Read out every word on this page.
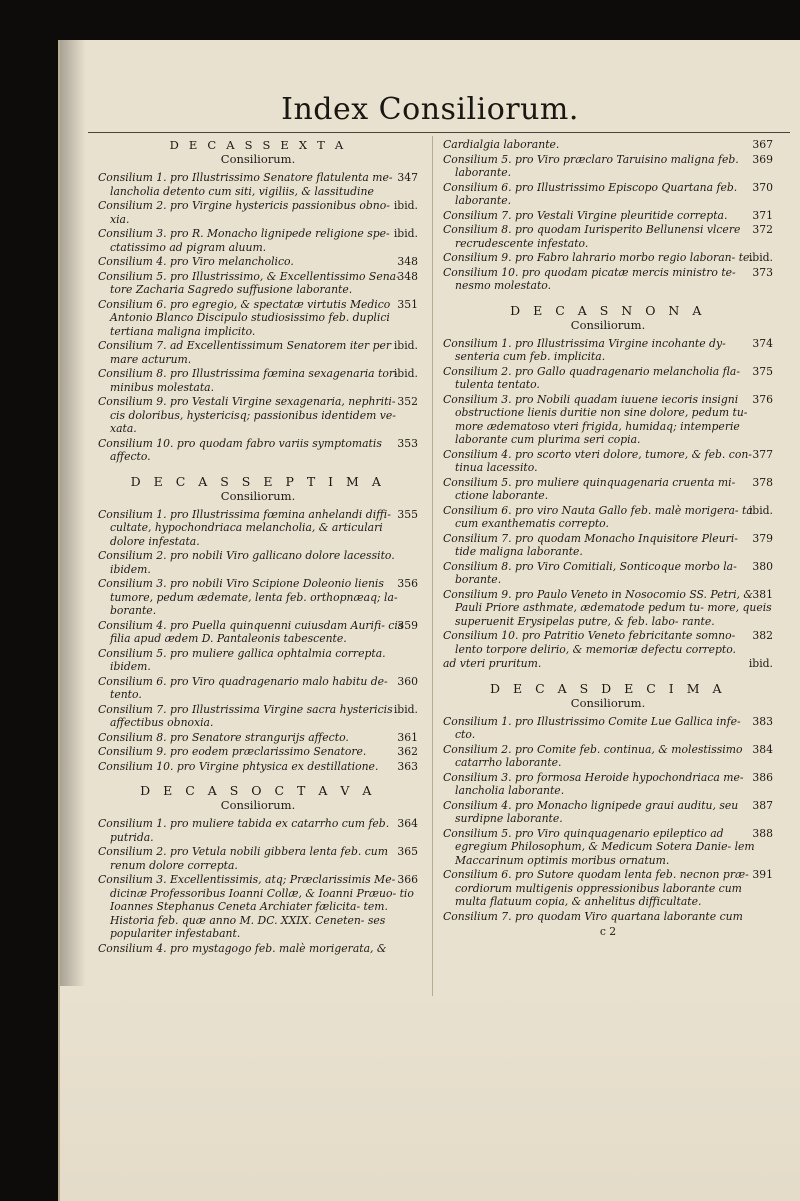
Index Consiliorum.
D E C A S S E X T A
Consiliorum.
347
Consilium 1. pro Illustrissimo Senatore flatulenta me- lancholia detento cum siti, vigiliis, & lassitudine
ibid.
Consilium 2. pro Virgine hystericis passionibus obno- xia.
ibid.
Consilium 3. pro R. Monacho lignipede religione spe- ctatissimo ad pigram aluum.
348
Consilium 4. pro Viro melancholico.
348
Consilium 5. pro Illustrissimo, & Excellentissimo Sena- tore Zacharia Sagredo suffusione laborante.
351
Consilium 6. pro egregio, & spectatæ virtutis Medico Antonio Blanco Discipulo studiosissimo feb. duplici tertiana maligna implicito.
ibid.
Consilium 7. ad Excellentissimum Senatorem iter per mare acturum.
ibid.
Consilium 8. pro Illustrissima fœmina sexagenaria tor- minibus molestata.
352
Consilium 9. pro Vestali Virgine sexagenaria, nephriti- cis doloribus, hystericisq; passionibus identidem vе- xata.
353
Consilium 10. pro quodam fabro variis symptomatis affecto.
D E C A S S E P T I M A
Consiliorum.
355
Consilium 1. pro Illustrissima fœmina anhelandi diffi- cultate, hypochondriaca melancholia, & articulari dolore infestata.
Consilium 2. pro nobili Viro gallicano dolore lacessito. ibidem.
356
Consilium 3. pro nobili Viro Scipione Doleonio lienis tumore, pedum ædemate, lenta feb. orthopnæaq; la- borante.
359
Consilium 4. pro Puella quinquenni cuiusdam Aurifi- cis filia apud ædem D. Pantaleonis tabescente.
Consilium 5. pro muliere gallica ophtalmia correpta. ibidem.
360
Consilium 6. pro Viro quadragenario malo habitu de- tento.
ibid.
Consilium 7. pro Illustrissima Virgine sacra hystericis affectibus obnoxia.
361
Consilium 8. pro Senatore strangurijs affecto.
362
Consilium 9. pro eodem præclarissimo Senatore.
363
Consilium 10. pro Virgine phtysica ex destillatione.
D E C A S O C T A V A
Consiliorum.
364
Consilium 1. pro muliere tabida ex catarrho cum feb. putrida.
365
Consilium 2. pro Vetula nobili gibbera lenta feb. cum renum dolore correpta.
366
Consilium 3. Excellentissimis, atq; Præclarissimis Me- dicinæ Professoribus Ioanni Collæ, & Ioanni Præuo- tio Ioannes Stephanus Ceneta Archiater fælicita- tem. Historia feb. quæ anno M. DC. XXIX. Ceneten- ses populariter infestabant.
Consilium 4. pro mystagogo feb. malè morigerata, &
367
Cardialgia laborante.
369
Consilium 5. pro Viro præclaro Taruisino maligna feb. laborante.
370
Consilium 6. pro Illustrissimo Episcopo Quartana feb. laborante.
371
Consilium 7. pro Vestali Virgine pleuritide correpta.
372
Consilium 8. pro quodam Iurisperito Bellunensi vlcere recrudescente infestato.
ibid.
Consilium 9. pro Fabro lahrario morbo regio laboran- te.
373
Consilium 10. pro quodam picatæ mercis ministro te- nesmo molestato.
D E C A S N O N A
Consiliorum.
374
Consilium 1. pro Illustrissima Virgine incohante dy- senteria cum feb. implicita.
375
Consilium 2. pro Gallo quadragenario melancholia fla- tulenta tentato.
376
Consilium 3. pro Nobili quadam iuuene iecoris insigni obstructione lienis duritie non sine dolore, pedum tu- more ædematoso vteri frigida, humidaq; intemperie laborante cum plurima seri copia.
377
Consilium 4. pro scorto vteri dolore, tumore, & feb. con- tinua lacessito.
378
Consilium 5. pro muliere quinquagenaria cruenta mi- ctione laborante.
ibid.
Consilium 6. pro viro Nauta Gallo feb. malè morigera- ta cum exanthematis correpto.
379
Consilium 7. pro quodam Monacho Inquisitore Pleuri- tide maligna laborante.
380
Consilium 8. pro Viro Comitiali, Sonticoque morbo la- borante.
381
Consilium 9. pro Paulo Veneto in Nosocomio SS. Petri, & Pauli Priore asthmate, ædematode pedum tu- more, queis superuenit Erysipelas putre, & feb. labo- rante.
382
Consilium 10. pro Patritio Veneto febricitante somno- lento torpore delirio, & memoriæ defectu correpto.
ibid.
ad vteri pruritum.
D E C A S D E C I M A
Consiliorum.
383
Consilium 1. pro Illustrissimo Comite Lue Gallica infe- cto.
384
Consilium 2. pro Comite feb. continua, & molestissimo catarrho laborante.
386
Consilium 3. pro formosa Heroide hypochondriaca me- lancholia laborante.
387
Consilium 4. pro Monacho lignipede graui auditu, seu surdipne laborante.
388
Consilium 5. pro Viro quinquagenario epileptico ad egregium Philosophum, & Medicum Sotera Danie- lem Maccarinum optimis moribus ornatum.
391
Consilium 6. pro Sutore quodam lenta feb. necnon præ- cordiorum multigenis oppressionibus laborante cum multa flatuum copia, & anhelitus difficultate.
Consilium 7. pro quodam Viro quartana laborante cum
c 2
